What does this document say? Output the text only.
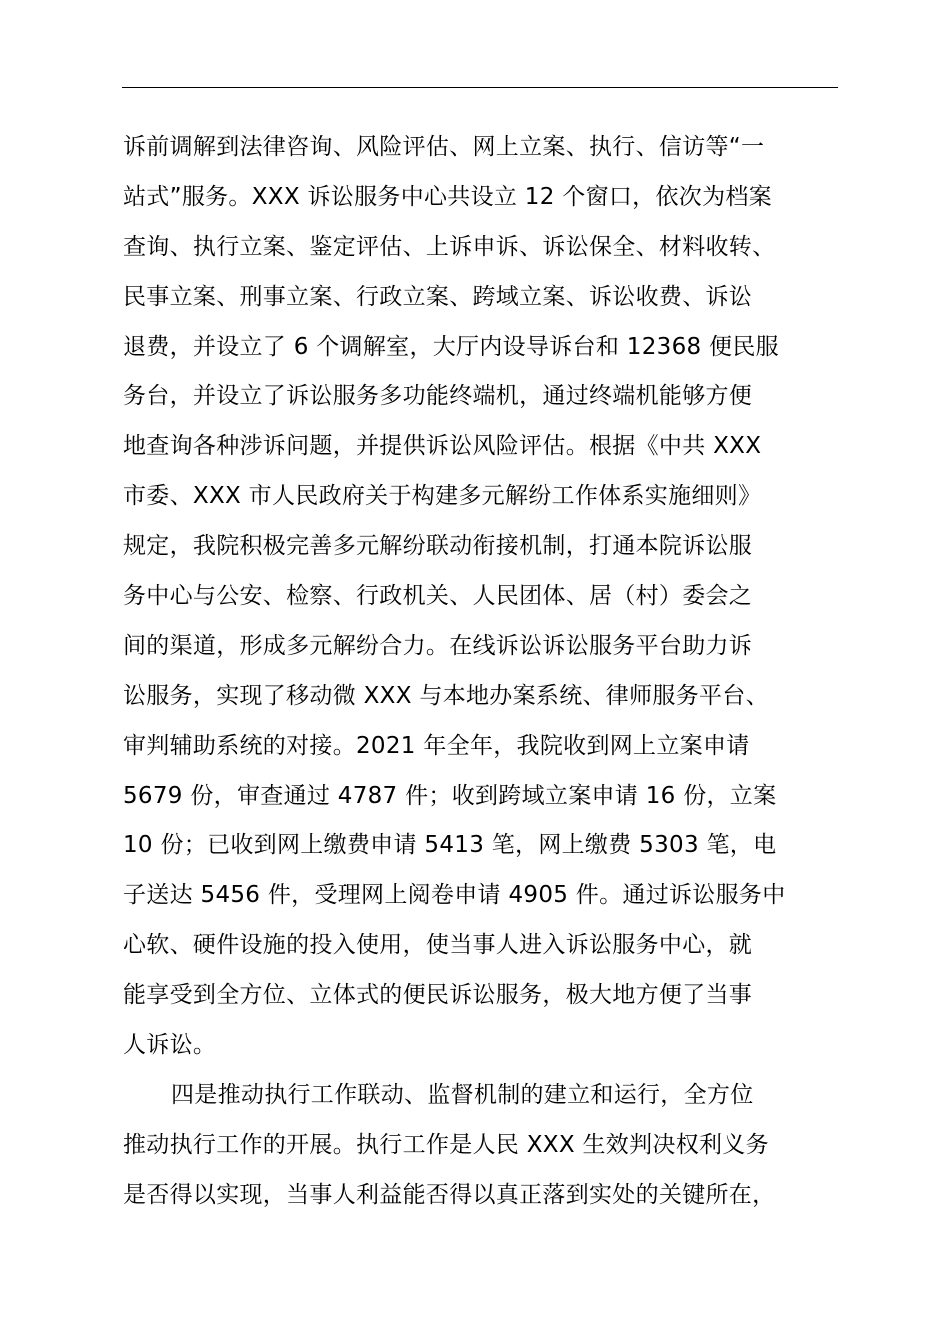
诉前调解到法律咨询、风险评估、网上立案、执行、信访等“一
站式”服务。XXX 诉讼服务中心共设立 12 个窗口，依次为档案
查询、执行立案、鉴定评估、上诉申诉、诉讼保全、材料收转、
民事立案、刑事立案、行政立案、跨域立案、诉讼收费、诉讼
退费，并设立了 6 个调解室，大厅内设导诉台和 12368 便民服
务台，并设立了诉讼服务多功能终端机，通过终端机能够方便
地查询各种涉诉问题，并提供诉讼风险评估。根据《中共 XXX
市委、XXX 市人民政府关于构建多元解纷工作体系实施细则》
规定，我院积极完善多元解纷联动衔接机制，打通本院诉讼服
务中心与公安、检察、行政机关、人民团体、居（村）委会之
间的渠道，形成多元解纷合力。在线诉讼诉讼服务平台助力诉
讼服务，实现了移动微 XXX 与本地办案系统、律师服务平台、
审判辅助系统的对接。2021 年全年，我院收到网上立案申请
5679 份，审查通过 4787 件；收到跨域立案申请 16 份，立案
10 份；已收到网上缴费申请 5413 笔，网上缴费 5303 笔，电
子送达 5456 件，受理网上阅卷申请 4905 件。通过诉讼服务中
心软、硬件设施的投入使用，使当事人进入诉讼服务中心，就
能享受到全方位、立体式的便民诉讼服务，极大地方便了当事
人诉讼。
四是推动执行工作联动、监督机制的建立和运行，全方位
推动执行工作的开展。执行工作是人民 XXX 生效判决权利义务
是否得以实现，当事人利益能否得以真正落到实处的关键所在，
